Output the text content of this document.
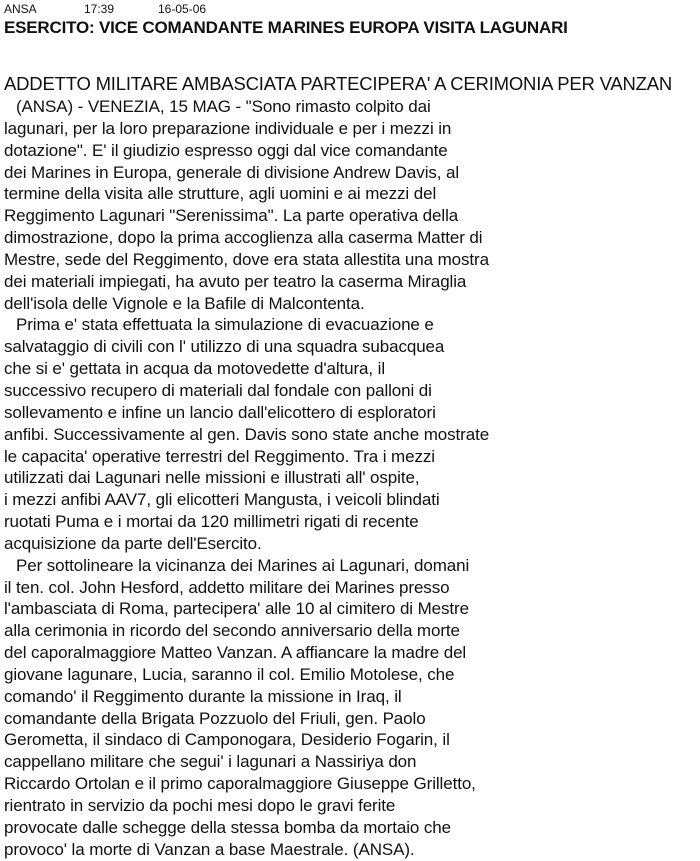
ANSA	17:39	16-05-06
ESERCITO: VICE COMANDANTE MARINES EUROPA VISITA LAGUNARI
ADDETTO MILITARE AMBASCIATA PARTECIPERA' A CERIMONIA PER VANZAN
(ANSA) - VENEZIA, 15 MAG - "Sono rimasto colpito dai
lagunari, per la loro preparazione individuale e per i mezzi in
dotazione". E' il giudizio espresso oggi dal vice comandante
dei Marines in Europa, generale di divisione Andrew Davis, al
termine della visita alle strutture, agli uomini e ai mezzi del
Reggimento Lagunari "Serenissima". La parte operativa della
dimostrazione, dopo la prima accoglienza alla caserma Matter di
Mestre, sede del Reggimento, dove era stata allestita una mostra
dei materiali impiegati, ha avuto per teatro la caserma Miraglia
dell'isola delle Vignole e la Bafile di Malcontenta.
Prima e' stata effettuata la simulazione di evacuazione e
salvataggio di civili con l' utilizzo di una squadra subacquea
che si e' gettata in acqua da motovedette d'altura, il
successivo recupero di materiali dal fondale con palloni di
sollevamento e infine un lancio dall'elicottero di esploratori
anfibi. Successivamente al gen. Davis sono state anche mostrate
le capacita' operative terrestri del Reggimento. Tra i mezzi
utilizzati dai Lagunari nelle missioni e illustrati all' ospite,
i mezzi anfibi AAV7, gli elicotteri Mangusta, i veicoli blindati
ruotati Puma e i mortai da 120 millimetri rigati di recente
acquisizione da parte dell'Esercito.
Per sottolineare la vicinanza dei Marines ai Lagunari, domani
il ten. col. John Hesford, addetto militare dei Marines presso
l'ambasciata di Roma, partecipera' alle 10 al cimitero di Mestre
alla cerimonia in ricordo del secondo anniversario della morte
del caporalmaggiore Matteo Vanzan. A affiancare la madre del
giovane lagunare, Lucia, saranno il col. Emilio Motolese, che
comando' il Reggimento durante la missione in Iraq, il
comandante della Brigata Pozzuolo del Friuli, gen. Paolo
Gerometta, il sindaco di Camponogara, Desiderio Fogarin, il
cappellano militare che segui' i lagunari a Nassiriya don
Riccardo Ortolan e il primo caporalmaggiore Giuseppe Grilletto,
rientrato in servizio da pochi mesi dopo le gravi ferite
provocate dalle schegge della stessa bomba da mortaio che
provoco' la morte di Vanzan a base Maestrale. (ANSA).
